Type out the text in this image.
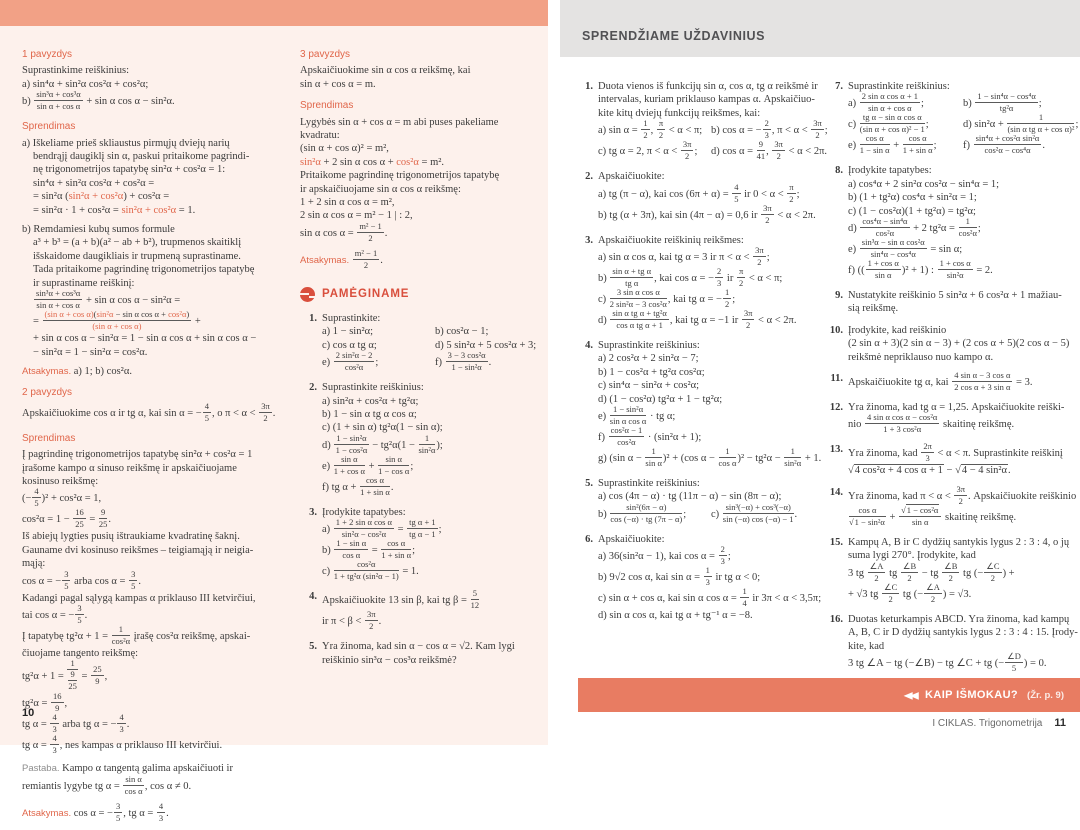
1 pavyzdys
Suprastinkime reiškinius:
a) sin⁴α + sin²α cos²α + cos²α;
$b) \frac{\text{sin³α + cos³α}}{\text{sin α + cos α}} + \sin \alpha$ cos α − sin²α.
Sprendimas
a) Iškeliame prieš skliaustus pirmųjų dviejų narių
bendrąjį daugiklį sin α, paskui pritaikome pagrindi-
nę trigonometrijos tapatybę sin²α + cos²α = 1:
sin⁴α + sin²α cos²α + cos²α =
= sin²α (sin²α + cos²α) + cos²α =
= sin²α · 1 + cos²α = sin²α + cos²α = 1.
b) Remdamiesi kubų sumos formule
a³ + b³ = (a + b)(a² − ab + b²), trupmenos skaitiklį
išskaidome daugikliais ir trupmeną suprastiname.
Tada pritaikome pagrindinę trigonometrijos tapatybę
ir suprastiname reiškinį:
$\frac{\text{sin³α + cos³α}}{\text{sin α + cos α}} + \sin \alpha$ cos α − sin²α =
= $\frac{\text{(sin α + cos α)(sin²α − sin α cos α + cos²α)}}{\text{(sin α + cos α)}}$ +
+ sin α cos α − sin²α = 1 − sin α cos α + sin α cos α −
− sin²α = 1 − sin²α = cos²α.
Atsakymas. a) 1; b) cos²α.
2 pavyzdys
Apskaičiuokime cos α ir tg α, kai sin α = − $\frac{4}{5}$ , o $\pi < \alpha < \frac{3\pi}{2}$ .
Sprendimas
Į pagrindinę trigonometrijos tapatybę sin²α + cos²α = 1
įrašome kampo α sinuso reikšmę ir apskaičiuojame
kosinuso reikšmę:
(− $\frac{4}{5} )^2 + \cos^2\alpha = 1$,
$\cos^2\alpha = 1 - \frac{16}{25} = \frac{9}{25}$ .
Iš abiejų lygties pusių ištraukiame kvadratinę šaknį.
Gauname dvi kosinuso reikšmes – teigiamąją ir neigia-
mąją:
cos α = − $\frac{3}{5}$ arba $\cos \alpha = \frac{3}{5}$ .
Kadangi pagal sąlygą kampas α priklauso III ketvirčiui,
tai cos α = − $\frac{3}{5}$ .
Į tapatybę $tg^2\alpha + 1 = \frac{1}{\text{cos²α}}$ įrašę cos²α reikšmę, apskai-
čiuojame tangento reikšmę:
$tg^2\alpha + 1 = \frac{1}{\frac{9}{25}} = \frac{25}{9}$ ,
$tg^2\alpha = \frac{16}{9}$ ,
tg $\alpha = \frac{4}{3}$ arba tg α = − $\frac{4}{3}$ .
tg $\alpha = \frac{4}{3}$ , nes kampas α priklauso III ketvirčiui.
Pastaba. Kampo α tangentą galima apskaičiuoti ir
remiantis lygybe tg $\alpha = \frac{\text{sin α}}{\text{cos α}}$ , cos α ≠ 0.
Atsakymas. cos α = − $\frac{3}{5}$ , tg $\alpha = \frac{4}{3}$ .
3 pavyzdys
Apskaičiuokime sin α cos α reikšmę, kai
sin α + cos α = m.
Sprendimas
Lygybės sin α + cos α = m abi puses pakeliame
kvadratu:
(sin α + cos α)² = m²,
sin²α + 2 sin α cos α + cos²α = m².
Pritaikome pagrindinę trigonometrijos tapatybę
ir apskaičiuojame sin α cos α reikšmę:
1 + 2 sin α cos α = m²,
2 sin α cos α = m² − 1 | : 2,
sin α $\cos \alpha = \frac{\text{m² − 1}}{2}$ .
Atsakymas. $\frac{\text{m² − 1}}{2}$ .
PAMĖGINAME
1. Suprastinkite:
a) 1 − sin²α;	b) cos²α − 1;
c) cos α tg α;	d) 5 sin²α + 5 cos²α + 3;
$e) \frac{\text{2 sin²α − 2}}{\text{cos²α}}$ ;	$f) \frac{\text{3 − 3 cos²α}}{\text{1 − sin²α}}$ .
2. Suprastinkite reiškinius:
a) sin²α + cos²α + tg²α;
b) 1 − sin α tg α cos α;
c) (1 + sin α) tg²α(1 − sin α);
$d) \frac{\text{1 − sin²α}}{\text{1 − cos²α}} - tg^2\alpha(1 - \frac{1}{\text{sin²α}}$ );
$e) \frac{\text{sin α}}{\text{1 + cos α}} + \frac{\text{sin α}}{\text{1 − cos α}}$ ;
f) tg $\alpha + \frac{\text{cos α}}{\text{1 + sin α}}$ .
3. Įrodykite tapatybes:
$a) \frac{\text{1 + 2 sin α cos α}}{\text{sin²α − cos²α}} = \frac{\text{tg α + 1}}{\text{tg α − 1}}$ ;
$b) \frac{\text{1 − sin α}}{\text{cos α}} = \frac{\text{cos α}}{\text{1 + sin α}}$ ;
$c) \frac{\text{cos²α}}{\text{1 + tg²α (sin²α − 1)}} = 1$.
4. Apskaičiuokite 13 sin β, kai tg $\beta = \frac{5}{12}$
ir $\pi < \beta < \frac{3\pi}{2}$ .
5. Yra žinoma, kad sin α − cos α = √2. Kam lygi
reiškinio sin³α − cos³α reikšmė?
10
SPRENDŽIAME UŽDAVINIUS
1. Duota vienos iš funkcijų sin α, cos α, tg α reikšmė ir
intervalas, kuriam priklauso kampas α. Apskaičiuo-
kite kitų dviejų funkcijų reikšmes, kai:
a) $\sin \alpha = \frac{1}{2}$ , $\frac{\pi}{2} < \alpha < \pi$; b) cos α = − $\frac{2}{3}$ , $\pi < \alpha < \frac{3\pi}{2}$ ;
c) tg α = 2, $\pi < \alpha < \frac{3\pi}{2}$ ;	d) $\cos \alpha = \frac{9}{41}$ , $\frac{3\pi}{2} < \alpha < 2\pi$.
2. Apskaičiuokite:
a) tg (π − α), kai $\cos (6\pi + \alpha) = \frac{4}{5}$ ir $0 < \alpha < \frac{\pi}{2}$ ;
b) tg (α + 3π), kai sin (4π − α) = 0,6 ir $\frac{3\pi}{2} < \alpha < 2\pi$.
3. Apskaičiuokite reiškinių reikšmes:
a) sin α cos α, kai tg α = 3 ir $\pi < \alpha < \frac{3\pi}{2}$ ;
$b) \frac{\text{sin α + tg α}}{\text{tg α}}$ , kai cos α = − $\frac{2}{3}$ ir $\frac{\pi}{2} < \alpha < \pi$;
$c) \frac{\text{3 sin α cos α}}{\text{2 sin²α − 3 cos²α}}$ , kai tg α = − $\frac{1}{2}$ ;
$d) \frac{\text{sin α tg α + tg²α}}{\text{cos α tg α + 1}}$ , kai tg α = −1 ir $\frac{3\pi}{2} < \alpha < 2\pi$.
4. Suprastinkite reiškinius:
a) 2 cos²α + 2 sin²α − 7;
b) 1 − cos²α + tg²α cos²α;
c) sin⁴α − sin²α + cos²α;
d) (1 − cos²α) tg²α + 1 − tg²α;
$e) \frac{\text{1 − sin²α}}{\text{sin α cos α}}$ · tg α;
$f) \frac{\text{cos²α − 1}}{\text{cos²α}} \cdot (\sin^2\alpha + 1)$;
g) (sin $\alpha - \frac{1}{\text{sin α}} )^2 + (\cos$ $\alpha - \frac{1}{\text{cos α}} )^2 - tg^2\alpha - \frac{1}{\text{sin²α}} + 1$.
5. Suprastinkite reiškinius:
a) cos (4π − α) · tg (11π − α) − sin (8π − α);
$b) \frac{\text{sin²(6π − α)}}{\cos (-\alpha) \cdot tg (7\pi - \alpha)}$ ;	$c) \frac{\text{sin³(−α) + cos³(−α)}}{\sin (-\alpha) \cos (-\alpha) - 1}$ .
6. Apskaičiuokite:
a) 36(sin²α − 1), kai $\cos \alpha = \frac{2}{3}$ ;
b) 9√2 cos α, kai $\sin \alpha = \frac{1}{3}$ ir tg α < 0;
c) sin α + cos α, kai sin α $\cos \alpha = \frac{1}{4}$ ir 3π < α < 3,5π;
d) sin α cos α, kai tg α + tg⁻¹ α = −8.
7. Suprastinkite reiškinius:
$a) \frac{\text{2 sin α cos α + 1}}{\text{sin α + cos α}}$ ;	$b) \frac{\text{1 − sin⁴α − cos⁴α}}{\text{tg²α}}$ ;
$c) \frac{\text{tg α − sin α cos α}}{\text{(sin α + cos α)² − 1}}$ ;	d) $\sin^2\alpha + \frac{1}{\text{(sin α tg α + cos α)²}}$ ;
$e) \frac{\text{cos α}}{\text{1 − sin α}} + \frac{\text{cos α}}{\text{1 + sin α}}$ ;	$f) \frac{\text{sin⁴α + cos²α sin²α}}{\text{cos²α − cos⁴α}}$ .
8. Įrodykite tapatybes:
a) cos⁴α + 2 sin²α cos²α − sin⁴α = 1;
b) (1 + tg²α) cos⁴α + sin²α = 1;
c) (1 − cos²α)(1 + tg²α) = tg²α;
$d) \frac{\text{cos⁴α − sin⁴α}}{\text{cos²α}} + 2$ $tg^2\alpha = \frac{1}{\text{cos²α}}$ ;
$e) \frac{\text{sin³α − sin α cos²α}}{\text{sin⁴α − cos⁴α}} = \sin \alpha$;
f) (( $\frac{\text{1 + cos α}}{\text{sin α}} )^2 + 1$) : $\frac{\text{1 + cos α}}{\text{sin²α}} = 2$.
9. Nustatykite reiškinio 5 sin²α + 6 cos²α + 1 mažiau-
sią reikšmę.
10. Įrodykite, kad reiškinio
(2 sin α + 3)(2 sin α − 3) + (2 cos α + 5)(2 cos α − 5)
reikšmė nepriklauso nuo kampo α.
11. Apskaičiuokite tg α, kai $\frac{\text{4 sin α − 3 cos α}}{\text{2 cos α + 3 sin α}} = 3$.
12. Yra žinoma, kad tg α = 1,25. Apskaičiuokite reiški-
nio $\frac{\text{4 sin α cos α − cos²α}}{\text{1 + 3 cos²α}}$ skaitinę reikšmę.
13. Yra žinoma, kad $\frac{2\pi}{3} < \alpha < \pi$. Suprastinkite reiškinį
√4 cos²α + 4 cos α + 1 − √4 − 4 sin²α.
14. Yra žinoma, kad $\pi < \alpha < \frac{3\pi}{2}$ . Apskaičiuokite reiškinio
$\frac{\text{cos α}}{\text{√1 − sin²α}} + \frac{\text{√1 − cos²α}}{\text{sin α}}$ skaitinę reikšmę.
15. Kampų A, B ir C dydžių santykis lygus 2 : 3 : 4, o jų
suma lygi 270°. Įrodykite, kad
3 tg $\frac{\angle A}{2}$ tg $\frac{\angle B}{2}$ − tg $\frac{\angle B}{2}$ tg (− $\frac{\angle C}{2}$ ) +
+ √3 tg $\frac{\angle C}{2}$ tg (− $\frac{\angle A}{2}$ ) = √3.
16. Duotas keturkampis ABCD. Yra žinoma, kad kampų
A, B, C ir D dydžių santykis lygus 2 : 3 : 4 : 15. Įrody-
kite, kad
3 tg ∠A − tg (−∠B) − tg ∠C + tg (− $\frac{\angle D}{5}$ ) = 0.
◀◀ KAIP IŠMOKAU? (Žr. p. 9)
I CIKLAS. Trigonometrija 11
